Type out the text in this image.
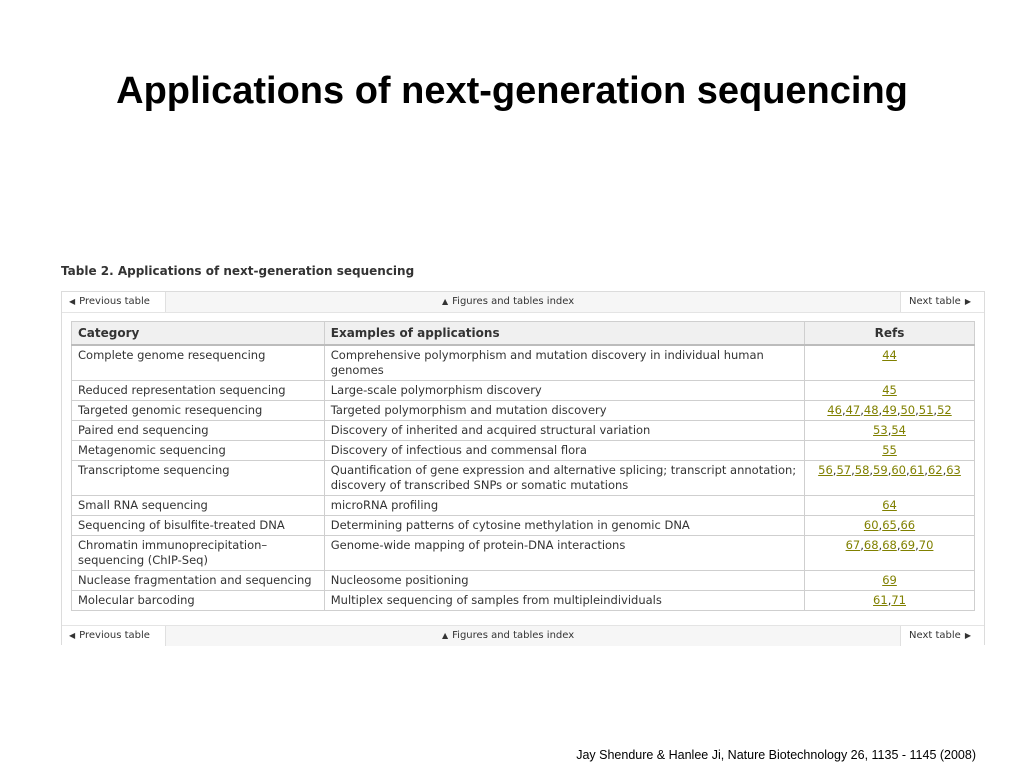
Applications of next-generation sequencing

Table 2. Applications of next-generation sequencing

◀ Previous table	▲ Figures and tables index	Next table ▶
Category	Examples of applications	Refs
Complete genome resequencing	Comprehensive polymorphism and mutation discovery in individual human genomes	44
Reduced representation sequencing	Large-scale polymorphism discovery	45
Targeted genomic resequencing	Targeted polymorphism and mutation discovery	46,47,48,49,50,51,52
Paired end sequencing	Discovery of inherited and acquired structural variation	53,54
Metagenomic sequencing	Discovery of infectious and commensal flora	55
Transcriptome sequencing	Quantification of gene expression and alternative splicing; transcript annotation; discovery of transcribed SNPs or somatic mutations	56,57,58,59,60,61,62,63
Small RNA sequencing	microRNA profiling	64
Sequencing of bisulfite-treated DNA	Determining patterns of cytosine methylation in genomic DNA	60,65,66
Chromatin immunoprecipitation–sequencing (ChIP-Seq)	Genome-wide mapping of protein-DNA interactions	67,68,68,69,70
Nuclease fragmentation and sequencing	Nucleosome positioning	69
Molecular barcoding	Multiplex sequencing of samples from multipleindividuals	61,71
◀ Previous table	▲ Figures and tables index	Next table ▶

Jay Shendure & Hanlee Ji, Nature Biotechnology 26, 1135 - 1145 (2008)
